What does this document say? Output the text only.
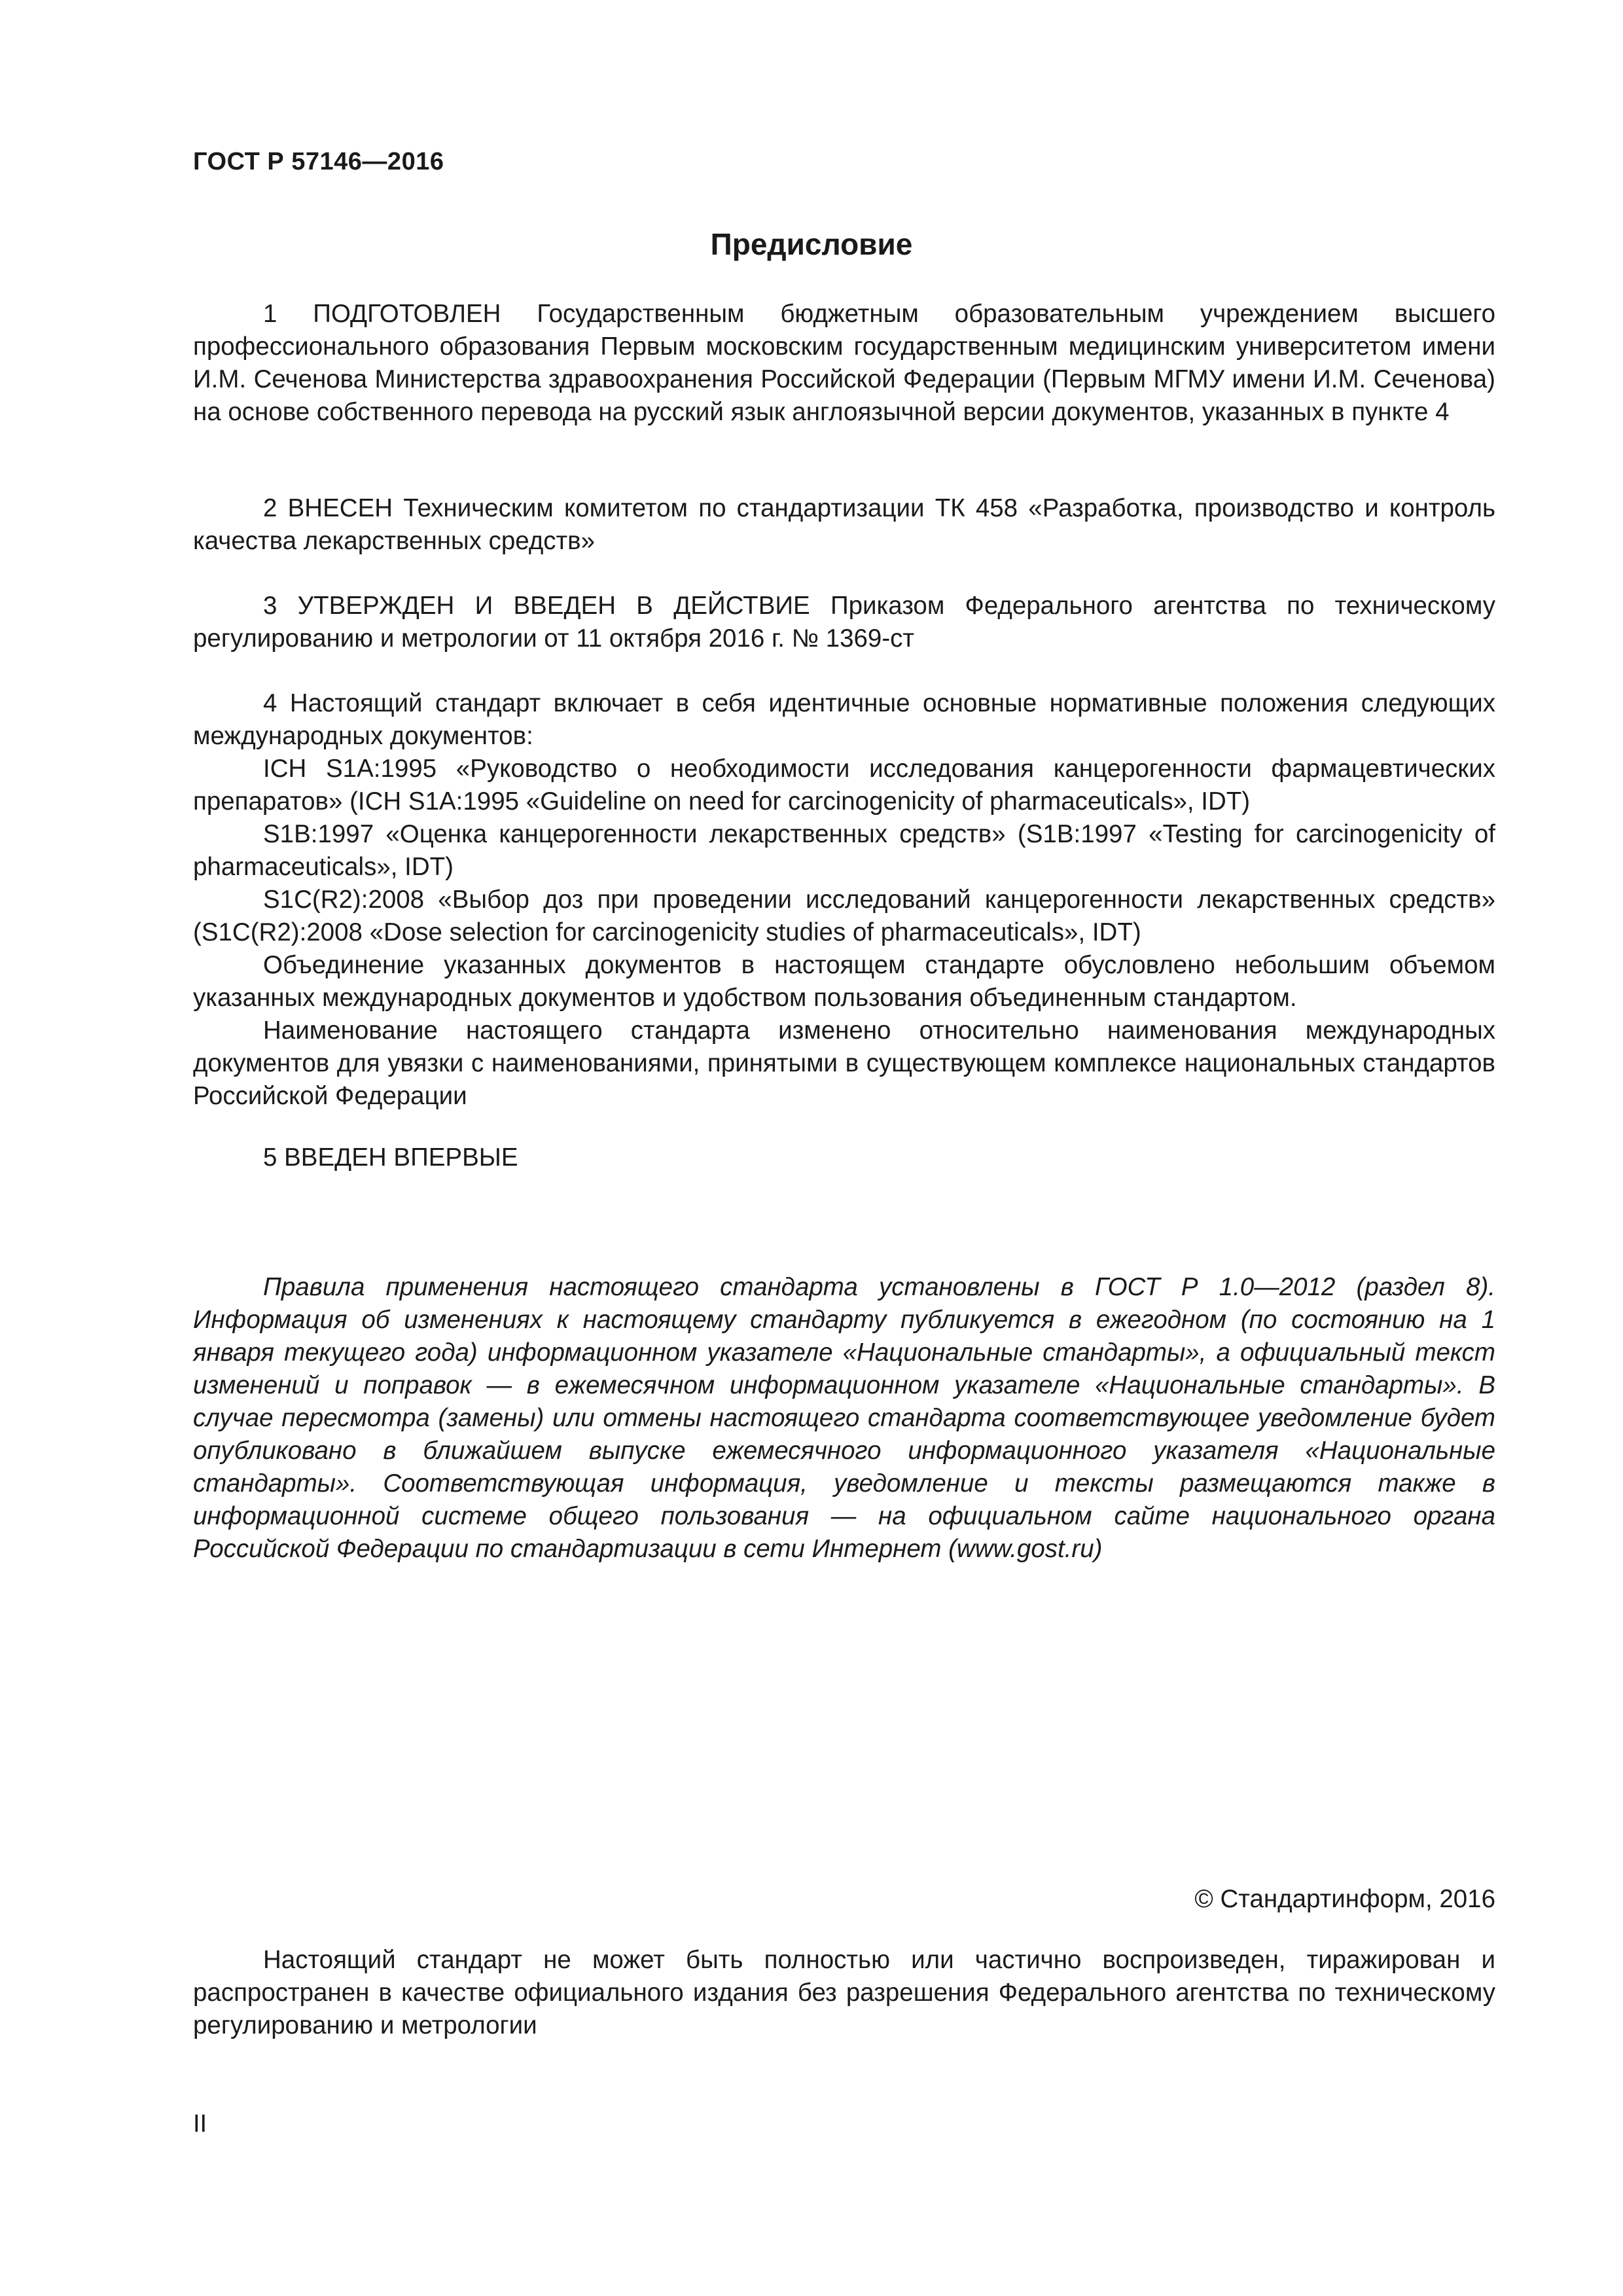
ГОСТ Р 57146—2016

Предисловие

1 ПОДГОТОВЛЕН Государственным бюджетным образовательным учреждением высшего профессионального образования Первым московским государственным медицинским университетом имени И.М. Сеченова Министерства здравоохранения Российской Федерации (Первым МГМУ имени И.М. Сеченова) на основе собственного перевода на русский язык англоязычной версии документов, указанных в пункте 4

2 ВНЕСЕН Техническим комитетом по стандартизации ТК 458 «Разработка, производство и контроль качества лекарственных средств»

3 УТВЕРЖДЕН И ВВЕДЕН В ДЕЙСТВИЕ Приказом Федерального агентства по техническому регулированию и метрологии от 11 октября 2016 г. № 1369-ст

4 Настоящий стандарт включает в себя идентичные основные нормативные положения следующих международных документов:

ICH S1A:1995 «Руководство о необходимости исследования канцерогенности фармацевтических препаратов» (ICH S1A:1995 «Guideline on need for carcinogenicity of pharmaceuticals», IDT)

S1B:1997 «Оценка канцерогенности лекарственных средств» (S1B:1997 «Testing for carcinogenicity of pharmaceuticals», IDT)

S1C(R2):2008 «Выбор доз при проведении исследований канцерогенности лекарственных средств» (S1C(R2):2008 «Dose selection for carcinogenicity studies of pharmaceuticals», IDT)

Объединение указанных документов в настоящем стандарте обусловлено небольшим объемом указанных международных документов и удобством пользования объединенным стандартом.

Наименование настоящего стандарта изменено относительно наименования международных документов для увязки с наименованиями, принятыми в существующем комплексе национальных стандартов Российской Федерации

5 ВВЕДЕН ВПЕРВЫЕ

Правила применения настоящего стандарта установлены в ГОСТ Р 1.0—2012 (раздел 8). Информация об изменениях к настоящему стандарту публикуется в ежегодном (по состоянию на 1 января текущего года) информационном указателе «Национальные стандарты», а официальный текст изменений и поправок — в ежемесячном информационном указателе «Национальные стандарты». В случае пересмотра (замены) или отмены настоящего стандарта соответствующее уведомление будет опубликовано в ближайшем выпуске ежемесячного информационного указателя «Национальные стандарты». Соответствующая информация, уведомление и тексты размещаются также в информационной системе общего пользования — на официальном сайте национального органа Российской Федерации по стандартизации в сети Интернет (www.gost.ru)

© Стандартинформ, 2016

Настоящий стандарт не может быть полностью или частично воспроизведен, тиражирован и распространен в качестве официального издания без разрешения Федерального агентства по техническому регулированию и метрологии

II
